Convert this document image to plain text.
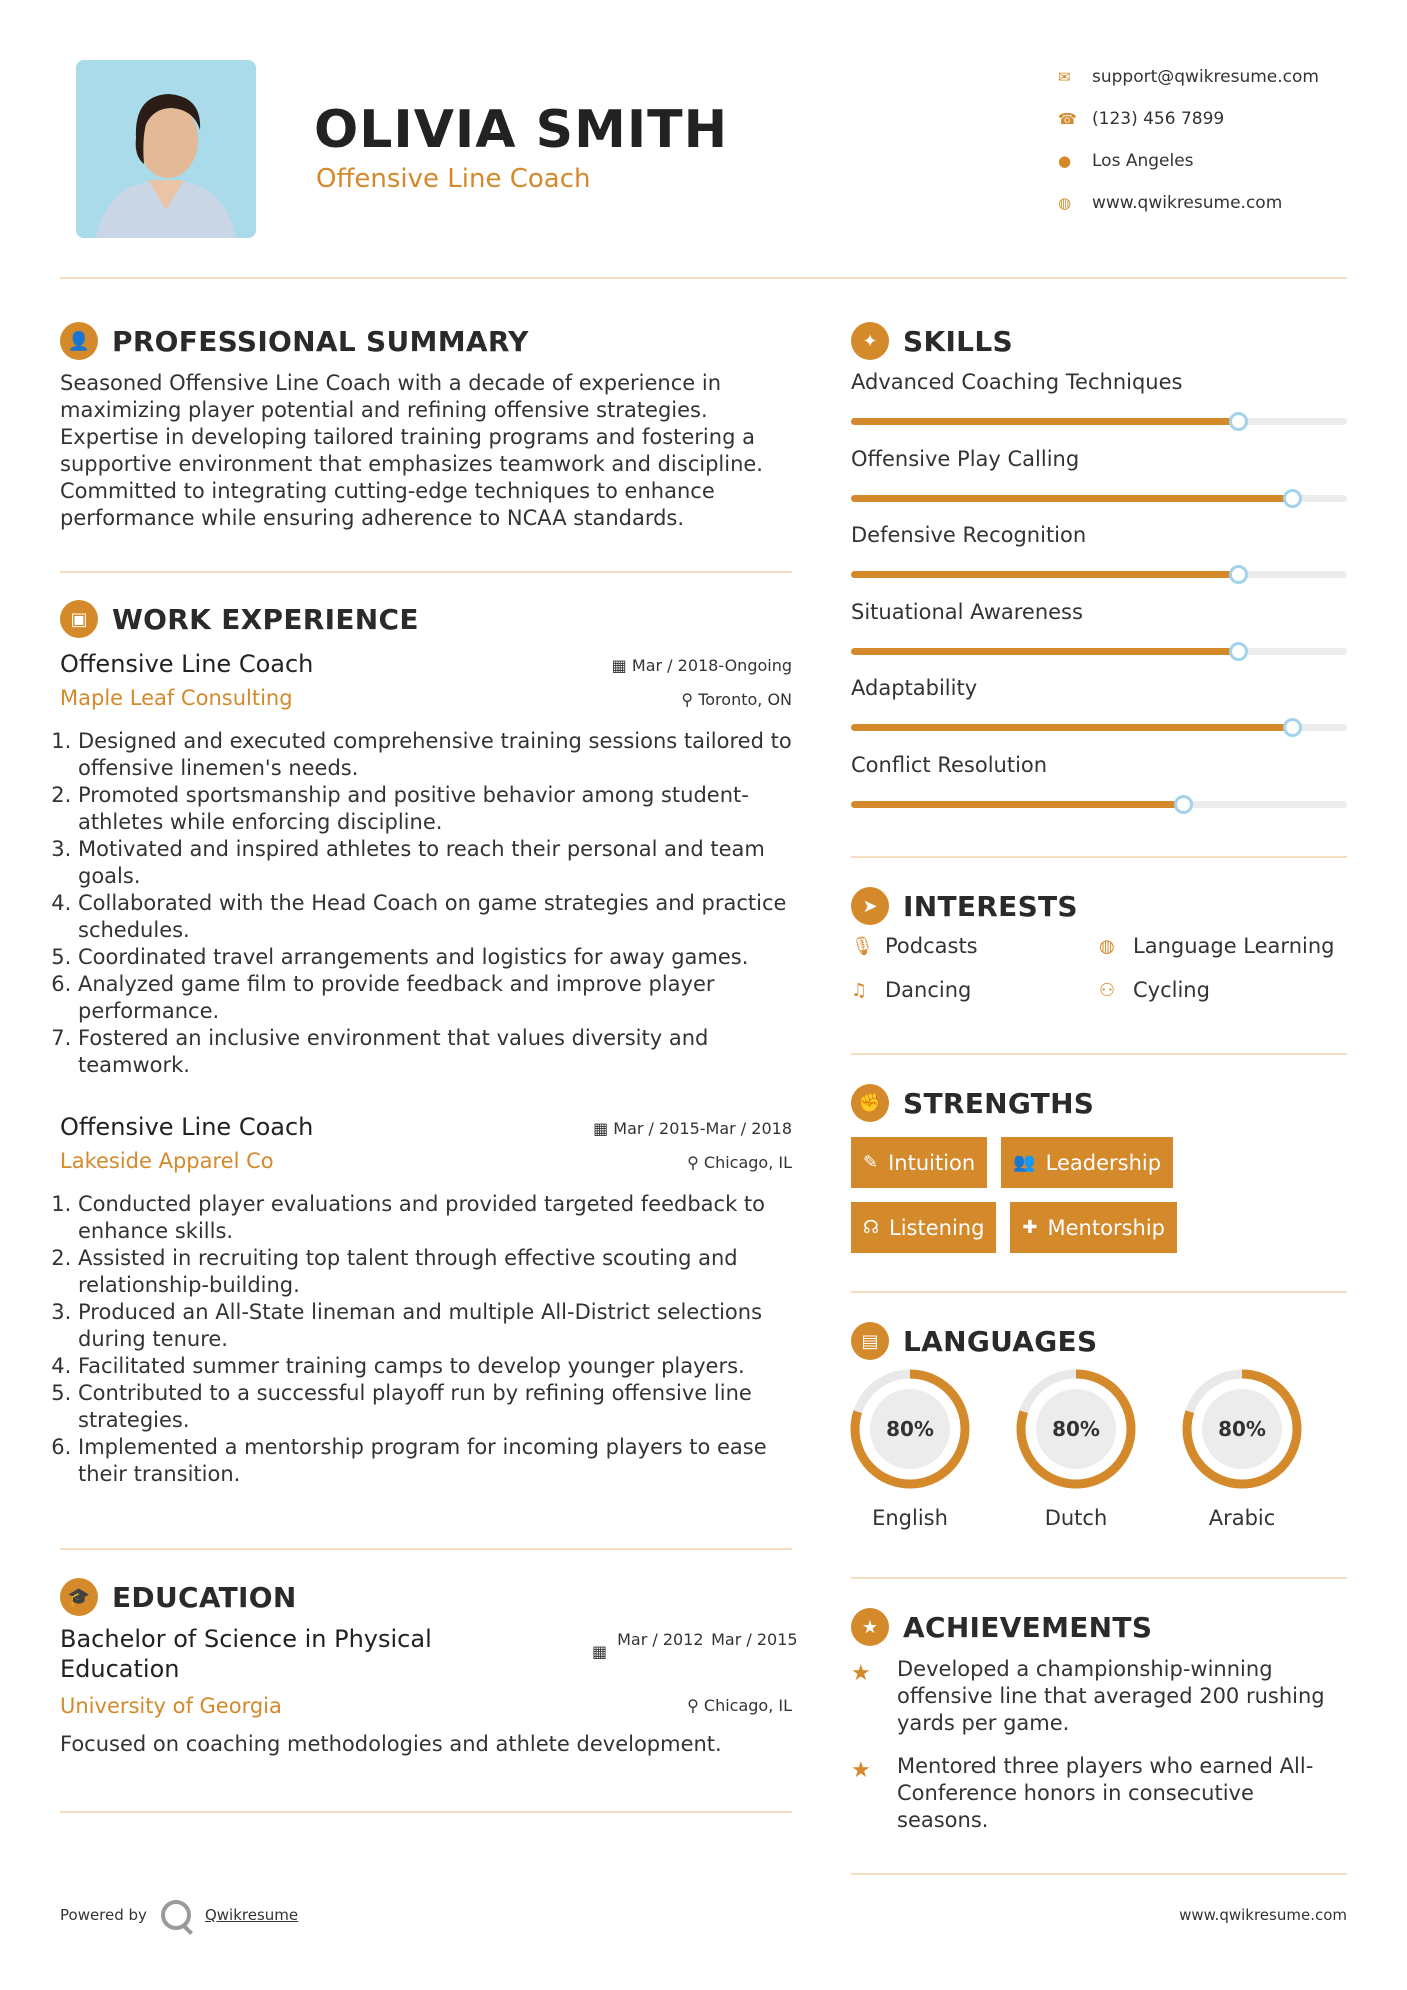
OLIVIA SMITH
Offensive Line Coach
✉	support@qwikresume.com
☎ (123) 456 7899
●	Los Angeles
◍	www.qwikresume.com
👤 PROFESSIONAL SUMMARY
Seasoned Offensive Line Coach with a decade of experience in maximizing player potential and refining offensive strategies. Expertise in developing tailored training programs and fostering a supportive environment that emphasizes teamwork and discipline. Committed to integrating cutting-edge techniques to enhance performance while ensuring adherence to NCAA standards.
▣ WORK EXPERIENCE
Offensive Line Coach
Maple Leaf Consulting
▦ Mar / 2018-Ongoing
⚲ Toronto, ON
1. Designed and executed comprehensive training sessions tailored to offensive linemen's needs.
2. Promoted sportsmanship and positive behavior among student-athletes while enforcing discipline.
3. Motivated and inspired athletes to reach their personal and team goals.
4. Collaborated with the Head Coach on game strategies and practice schedules.
5. Coordinated travel arrangements and logistics for away games.
6. Analyzed game film to provide feedback and improve player performance.
7. Fostered an inclusive environment that values diversity and teamwork.
Offensive Line Coach
Lakeside Apparel Co
▦ Mar / 2015-Mar / 2018
⚲ Chicago, IL
1. Conducted player evaluations and provided targeted feedback to enhance skills.
2. Assisted in recruiting top talent through effective scouting and relationship-building.
3. Produced an All-State lineman and multiple All-District selections during tenure.
4. Facilitated summer training camps to develop younger players.
5. Contributed to a successful playoff run by refining offensive line strategies.
6. Implemented a mentorship program for incoming players to ease their transition.
🎓 EDUCATION
Bachelor of Science in Physical Education
University of Georgia
Focused on coaching methodologies and athlete development.
▦
Mar / 2012 Mar / 2015
⚲ Chicago, IL
✦ SKILLS
Advanced Coaching Techniques
Offensive Play Calling
Defensive Recognition
Situational Awareness
Adaptability
Conflict Resolution
➤ INTERESTS
🎙 Podcasts	◍ Language Learning
♫ Dancing	⚇ Cycling
✊ STRENGTHS
✎ Intuition 👥 Leadership
☊ Listening ✚ Mentorship
▤ LANGUAGES
80%
English
80%
Dutch
80%
Arabic
★ ACHIEVEMENTS
★	Developed a championship-winning offensive line that averaged 200 rushing yards per game.
★	Mentored three players who earned All-Conference honors in consecutive seasons.
Powered by	Qwikresume	www.qwikresume.com
